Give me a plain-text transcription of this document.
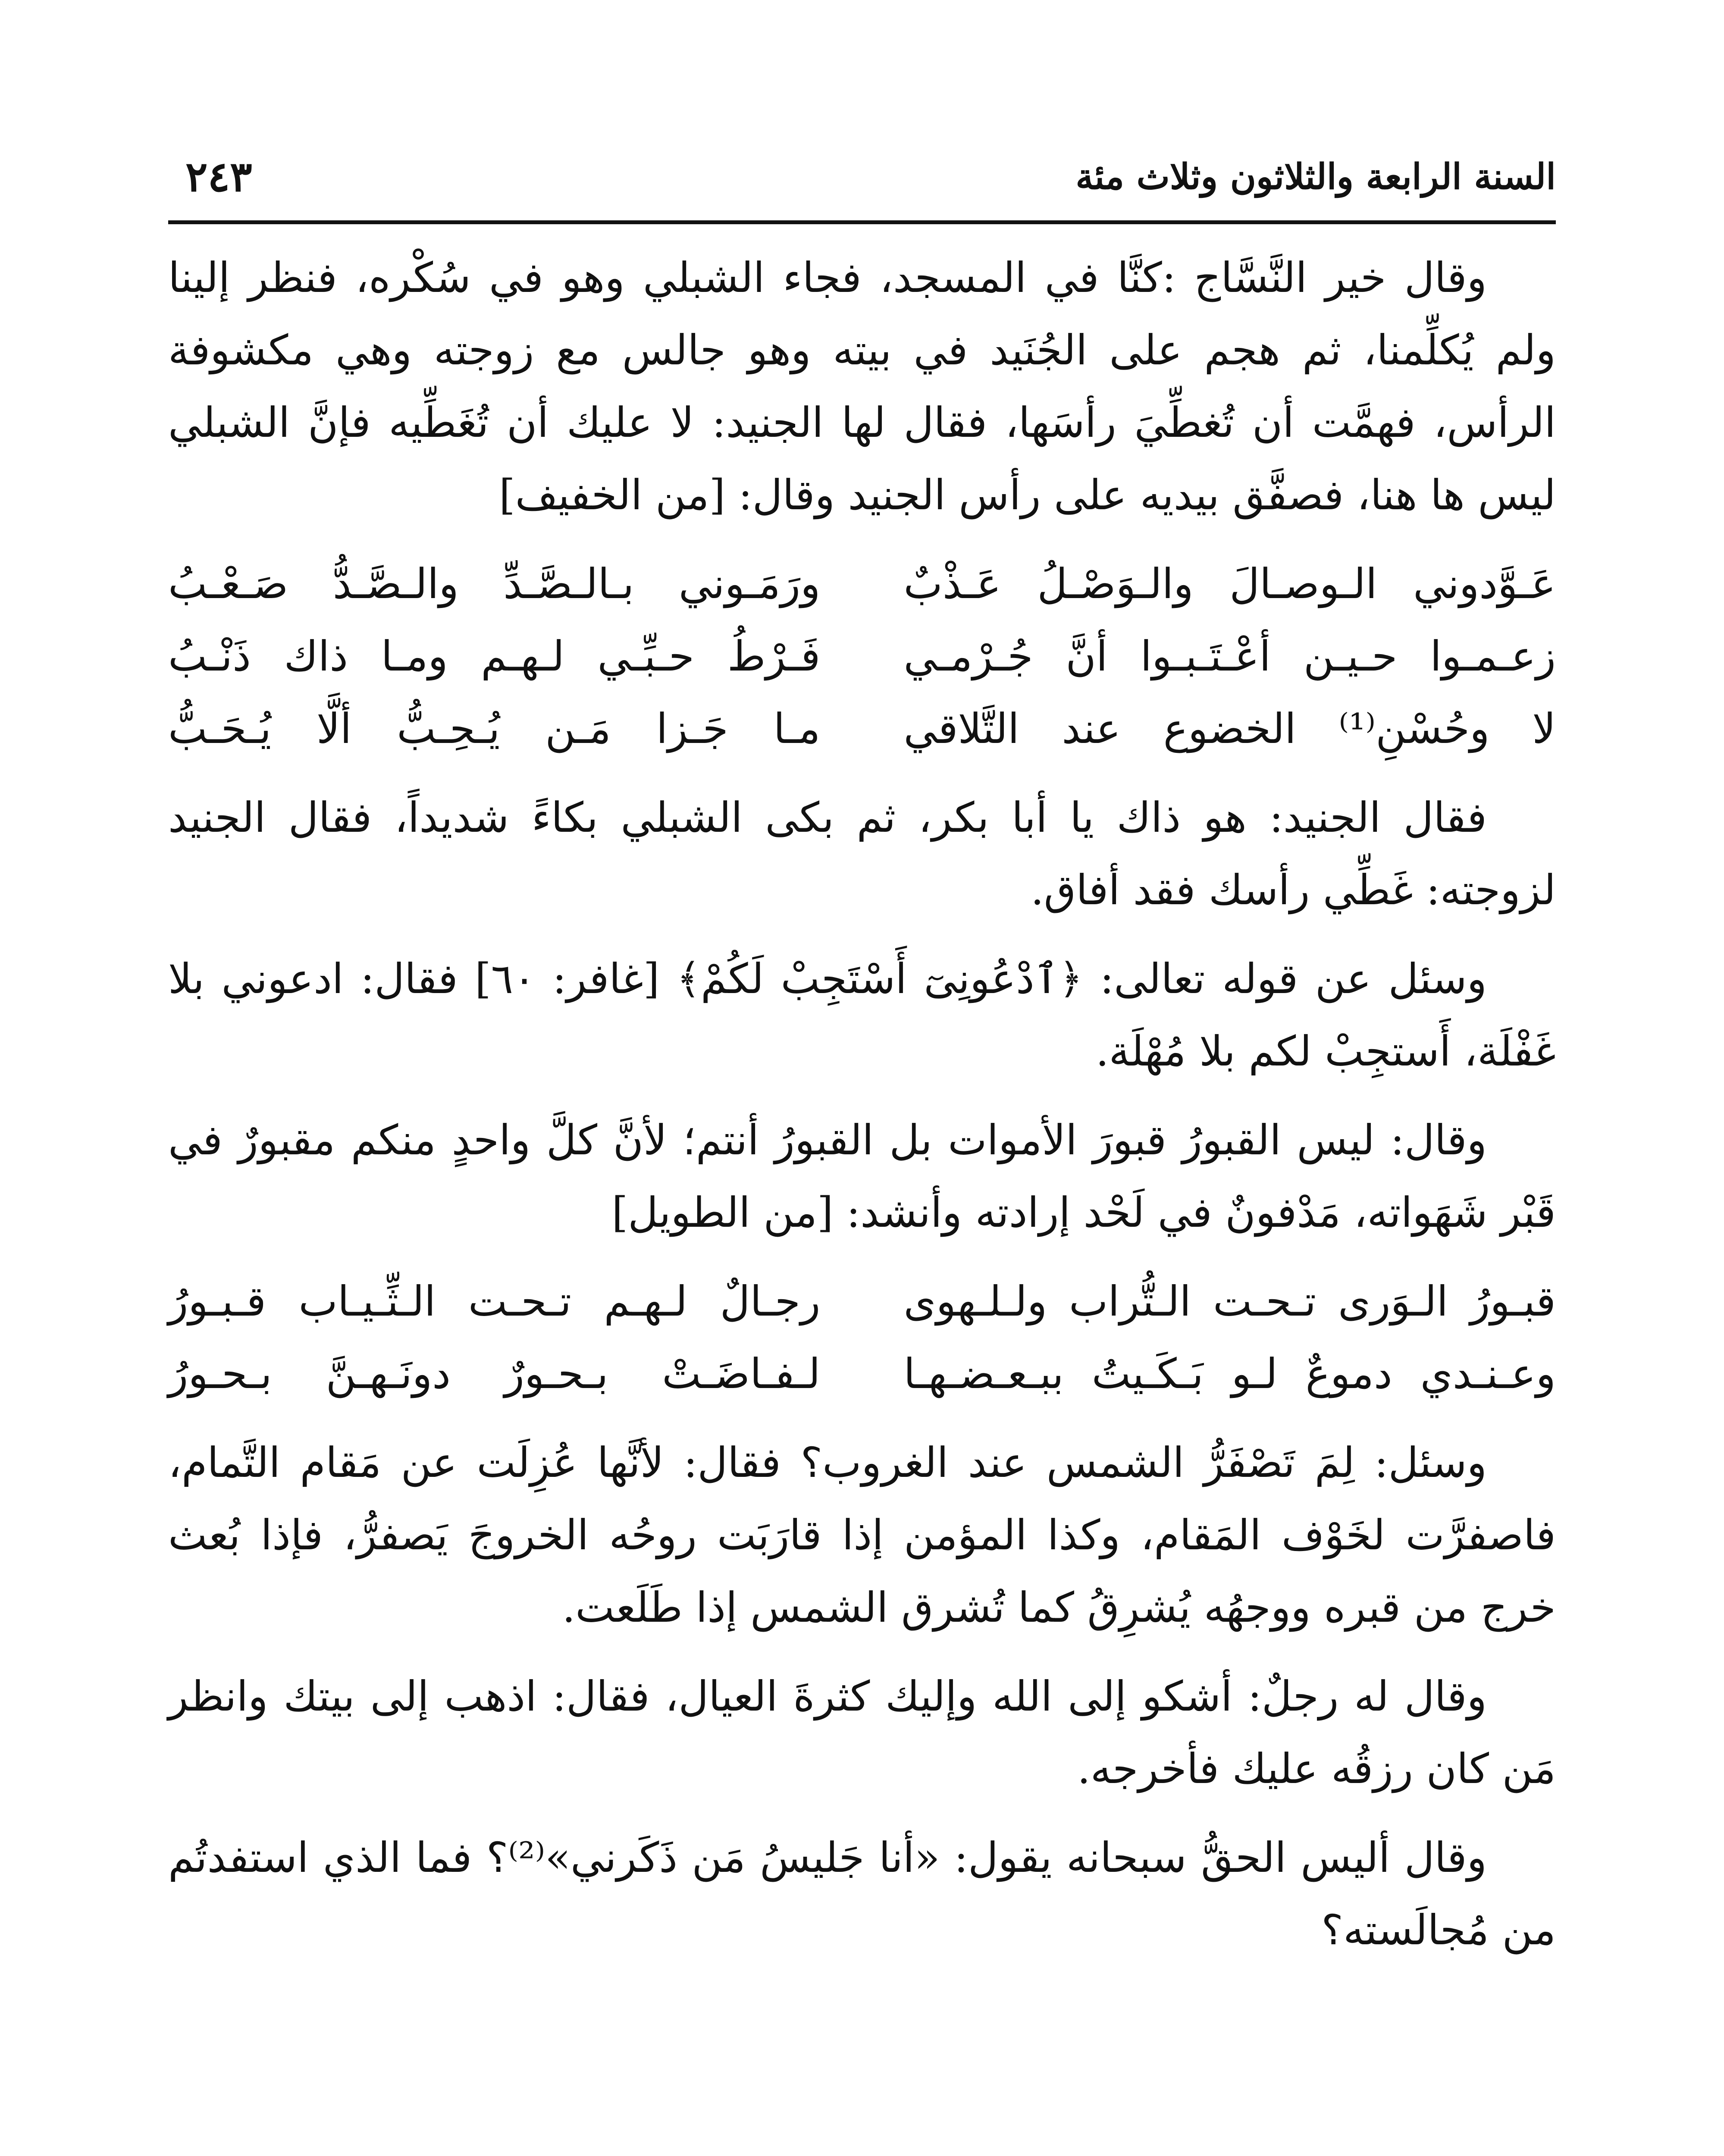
السنة الرابعة والثلاثون وثلاث مئة
٢٤٣

وقال خير النَّسَّاج :كنَّا في المسجد، فجاء الشبلي وهو في سُكْره، فنظر إلينا ولم يُكلِّمنا، ثم هجم على الجُنَيد في بيته وهو جالس مع زوجته وهي مكشوفة الرأس، فهمَّت أن تُغطِّيَ رأسَها، فقال لها الجنيد: لا عليك أن تُغَطِّيه فإنَّ الشبلي ليس ها هنا، فصفَّق بيديه على رأس الجنيد وقال: [من الخفيف]

عَـوَّدوني الـوصـالَ والـوَصْـلُ عَـذْبٌ
ورَمَـوني بـالـصَّـدِّ والـصَّـدُّ صَـعْـبُ
زعـمـوا حـيـن أعْـتَـبـوا أنَّ جُـرْمـي
فَـرْطُ حـبِّـي لـهـم ومـا ذاك ذَنْـبُ
لا وحُسْنِ⁽¹⁾ الخضوع عند التَّلاقي
مـا جَـزا مَـن يُـحِـبُّ ألَّا يُـحَـبُّ

فقال الجنيد: هو ذاك يا أبا بكر، ثم بكى الشبلي بكاءً شديداً، فقال الجنيد لزوجته: غَطِّي رأسك فقد أفاق.

وسئل عن قوله تعالى: ﴿ٱدْعُونِىٓ أَسْتَجِبْ لَكُمْ﴾ [غافر: ٦٠] فقال: ادعوني بلا غَفْلَة، أَستجِبْ لكم بلا مُهْلَة.

وقال: ليس القبورُ قبورَ الأموات بل القبورُ أنتم؛ لأنَّ كلَّ واحدٍ منكم مقبورٌ في قَبْر شَهَواته، مَدْفونٌ في لَحْد إرادته وأنشد: [من الطويل]

قبـورُ الـوَرى تـحـت الـتُّراب ولـلـهوى
رجـالٌ لـهـم تـحـت الـثِّـيـاب قـبـورُ
وعـنـدي دموعٌ لـو بَـكَـيتُ ببـعـضـهـا
لـفـاضَـتْ بـحـورٌ دونَـهـنَّ بـحـورُ

وسئل: لِمَ تَصْفَرُّ الشمس عند الغروب؟ فقال: لأنَّها عُزِلَت عن مَقام التَّمام، فاصفرَّت لخَوْف المَقام، وكذا المؤمن إذا قارَبَت روحُه الخروجَ يَصفرُّ، فإذا بُعث خرج من قبره ووجهُه يُشرِقُ كما تُشرق الشمس إذا طَلَعت.

وقال له رجلٌ: أشكو إلى الله وإليك كثرةَ العيال، فقال: اذهب إلى بيتك وانظر مَن كان رزقُه عليك فأخرجه.

وقال أليس الحقُّ سبحانه يقول: «أنا جَليسُ مَن ذَكَرني»⁽²⁾؟ فما الذي استفدتُم من مُجالَسته؟
